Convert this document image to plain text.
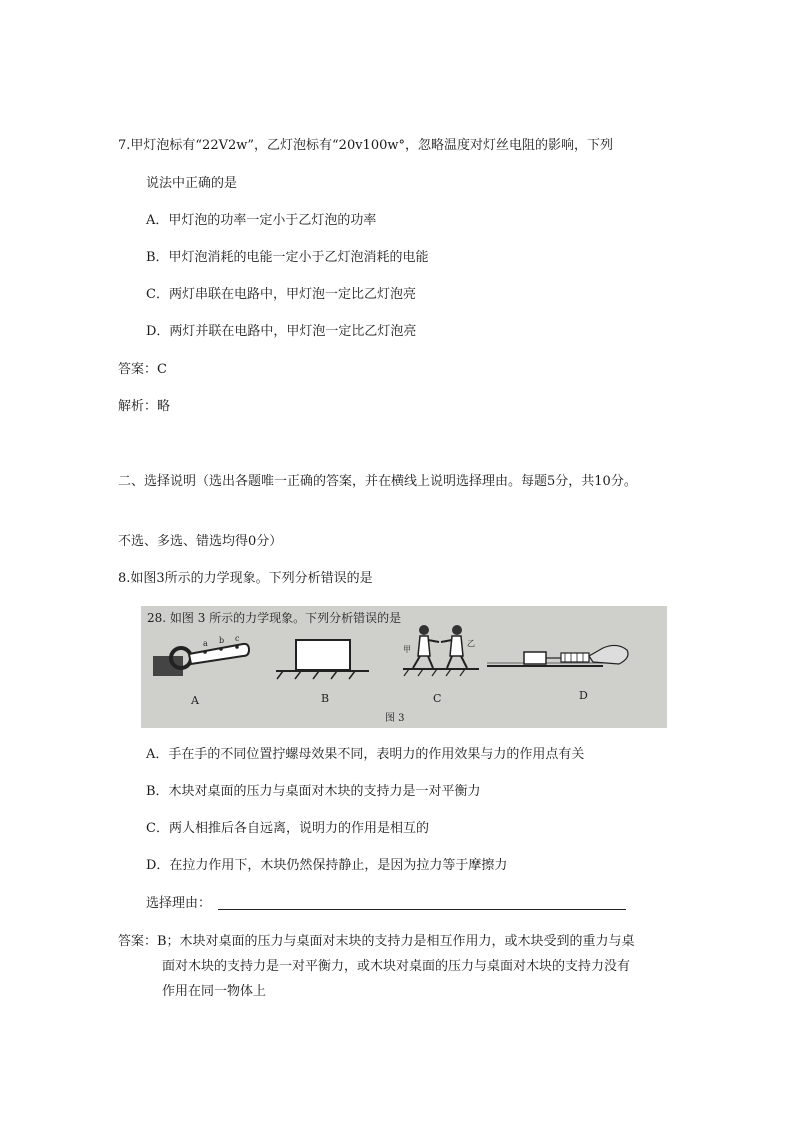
7.甲灯泡标有“22V2w”，乙灯泡标有“20v100w°，忽略温度对灯丝电阻的影响，下列
说法中正确的是
A．甲灯泡的功率一定小于乙灯泡的功率
B．甲灯泡消耗的电能一定小于乙灯泡消耗的电能
C．两灯串联在电路中，甲灯泡一定比乙灯泡亮
D．两灯并联在电路中，甲灯泡一定比乙灯泡亮
答案：C
解析：略
二、选择说明（选出各题唯一正确的答案，并在横线上说明选择理由。每题5分，共10分。
不选、多选、错选均得0分）
8.如图3所示的力学现象。下列分析错误的是
28. 如图 3 所示的力学现象。下列分析错误的是
a b c
A	B
甲
乙
C	D
图 3
A．手在手的不同位置拧螺母效果不同，表明力的作用效果与力的作用点有关
B．木块对桌面的压力与桌面对木块的支持力是一对平衡力
C．两人相推后各自远离，说明力的作用是相互的
D．在拉力作用下，木块仍然保持静止，是因为拉力等于摩擦力
选择理由：
答案：B；木块对桌面的压力与桌面对末块的支持力是相互作用力，或木块受到的重力与桌
面对木块的支持力是一对平衡力，或木块对桌面的压力与桌面对木块的支持力没有
作用在同一物体上
